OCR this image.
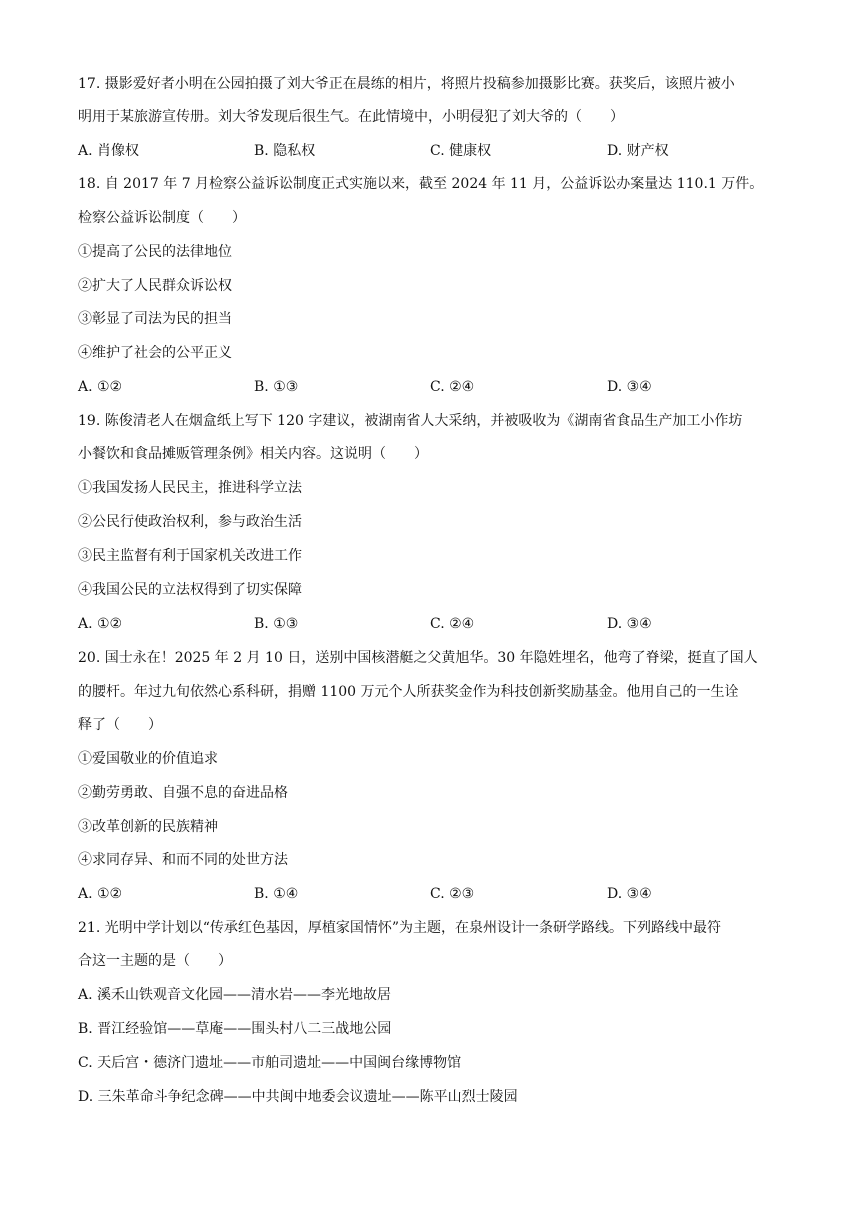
17. 摄影爱好者小明在公园拍摄了刘大爷正在晨练的相片，将照片投稿参加摄影比赛。获奖后，该照片被小
明用于某旅游宣传册。刘大爷发现后很生气。在此情境中，小明侵犯了刘大爷的（　　）
A. 肖像权	B. 隐私权	C. 健康权	D. 财产权
18. 自 2017 年 7 月检察公益诉讼制度正式实施以来，截至 2024 年 11 月，公益诉讼办案量达 110.1 万件。
检察公益诉讼制度（　　）
①提高了公民的法律地位
②扩大了人民群众诉讼权
③彰显了司法为民的担当
④维护了社会的公平正义
A. ①②	B. ①③	C. ②④	D. ③④
19. 陈俊清老人在烟盒纸上写下 120 字建议，被湖南省人大采纳，并被吸收为《湖南省食品生产加工小作坊
小餐饮和食品摊贩管理条例》相关内容。这说明（　　）
①我国发扬人民民主，推进科学立法
②公民行使政治权利，参与政治生活
③民主监督有利于国家机关改进工作
④我国公民的立法权得到了切实保障
A. ①②	B. ①③	C. ②④	D. ③④
20. 国士永在！2025 年 2 月 10 日，送别中国核潜艇之父黄旭华。30 年隐姓埋名，他弯了脊梁，挺直了国人
的腰杆。年过九旬依然心系科研，捐赠 1100 万元个人所获奖金作为科技创新奖励基金。他用自己的一生诠
释了（　　）
①爱国敬业的价值追求
②勤劳勇敢、自强不息的奋进品格
③改革创新的民族精神
④求同存异、和而不同的处世方法
A. ①②	B. ①④	C. ②③	D. ③④
21. 光明中学计划以“传承红色基因，厚植家国情怀”为主题，在泉州设计一条研学路线。下列路线中最符
合这一主题的是（　　）
A. 溪禾山铁观音文化园——清水岩——李光地故居
B. 晋江经验馆——草庵——围头村八二三战地公园
C. 天后宫・德济门遗址——市舶司遗址——中国闽台缘博物馆
D. 三朱革命斗争纪念碑——中共闽中地委会议遗址——陈平山烈士陵园
